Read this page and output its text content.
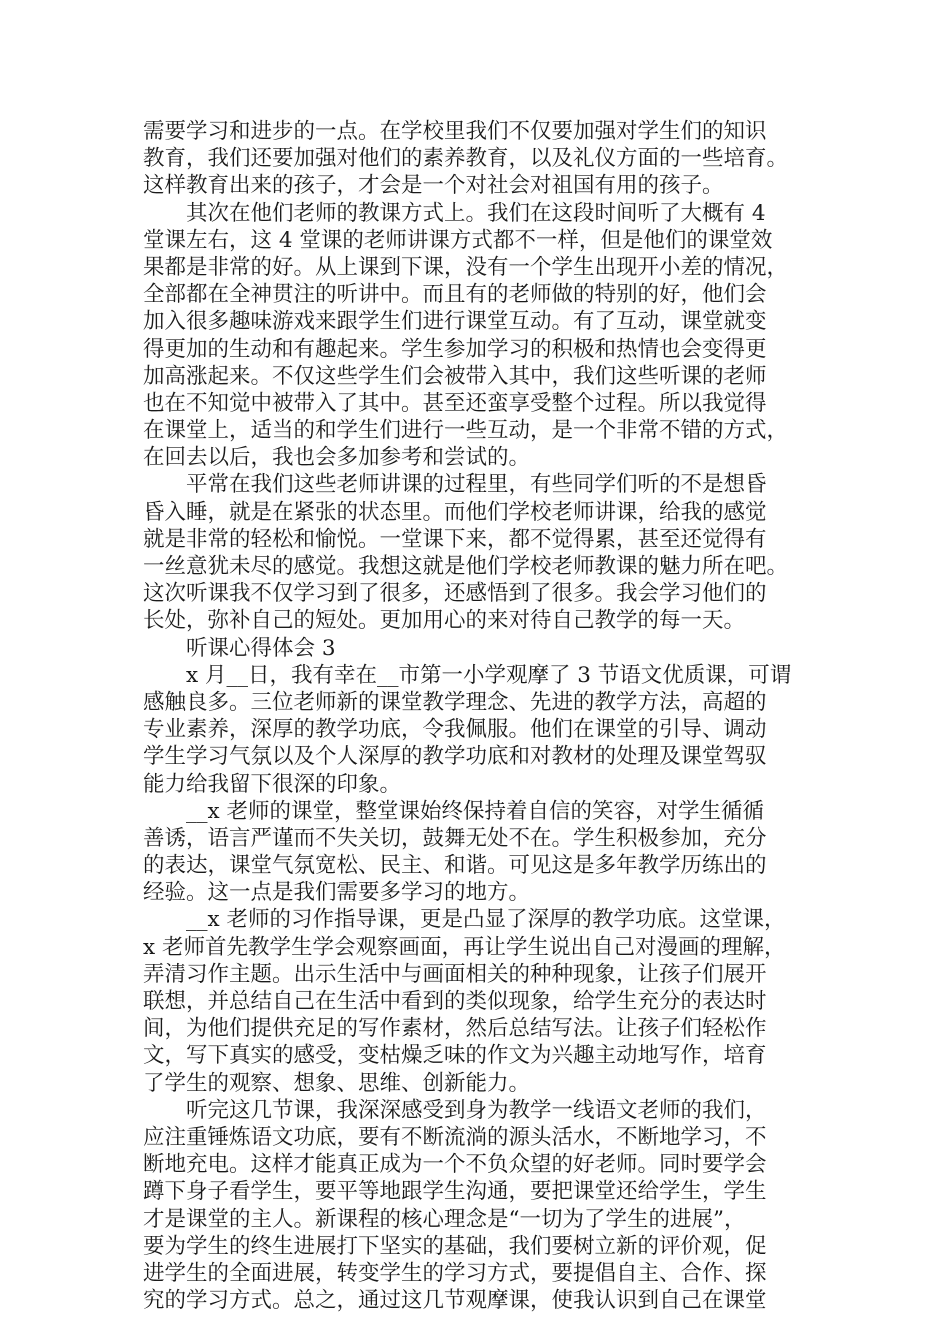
需要学习和进步的一点。在学校里我们不仅要加强对学生们的知识
教育，我们还要加强对他们的素养教育，以及礼仪方面的一些培育。
这样教育出来的孩子，才会是一个对社会对祖国有用的孩子。
其次在他们老师的教课方式上。我们在这段时间听了大概有 4
堂课左右，这 4 堂课的老师讲课方式都不一样，但是他们的课堂效
果都是非常的好。从上课到下课，没有一个学生出现开小差的情况，
全部都在全神贯注的听讲中。而且有的老师做的特别的好，他们会
加入很多趣味游戏来跟学生们进行课堂互动。有了互动，课堂就变
得更加的生动和有趣起来。学生参加学习的积极和热情也会变得更
加高涨起来。不仅这些学生们会被带入其中，我们这些听课的老师
也在不知觉中被带入了其中。甚至还蛮享受整个过程。所以我觉得
在课堂上，适当的和学生们进行一些互动，是一个非常不错的方式，
在回去以后，我也会多加参考和尝试的。
平常在我们这些老师讲课的过程里，有些同学们听的不是想昏
昏入睡，就是在紧张的状态里。而他们学校老师讲课，给我的感觉
就是非常的轻松和愉悦。一堂课下来，都不觉得累，甚至还觉得有
一丝意犹未尽的感觉。我想这就是他们学校老师教课的魅力所在吧。
这次听课我不仅学习到了很多，还感悟到了很多。我会学习他们的
长处，弥补自己的短处。更加用心的来对待自己教学的每一天。
听课心得体会 3
x 月__日，我有幸在__市第一小学观摩了 3 节语文优质课，可谓
感触良多。三位老师新的课堂教学理念、先进的教学方法，高超的
专业素养，深厚的教学功底，令我佩服。他们在课堂的引导、调动
学生学习气氛以及个人深厚的教学功底和对教材的处理及课堂驾驭
能力给我留下很深的印象。
__x 老师的课堂，整堂课始终保持着自信的笑容，对学生循循
善诱，语言严谨而不失关切，鼓舞无处不在。学生积极参加，充分
的表达，课堂气氛宽松、民主、和谐。可见这是多年教学历练出的
经验。这一点是我们需要多学习的地方。
__x 老师的习作指导课，更是凸显了深厚的教学功底。这堂课，
x 老师首先教学生学会观察画面，再让学生说出自己对漫画的理解，
弄清习作主题。出示生活中与画面相关的种种现象，让孩子们展开
联想，并总结自己在生活中看到的类似现象，给学生充分的表达时
间，为他们提供充足的写作素材，然后总结写法。让孩子们轻松作
文，写下真实的感受，变枯燥乏味的作文为兴趣主动地写作，培育
了学生的观察、想象、思维、创新能力。
听完这几节课，我深深感受到身为教学一线语文老师的我们，
应注重锤炼语文功底，要有不断流淌的源头活水，不断地学习，不
断地充电。这样才能真正成为一个不负众望的好老师。同时要学会
蹲下身子看学生，要平等地跟学生沟通，要把课堂还给学生，学生
才是课堂的主人。新课程的核心理念是“一切为了学生的进展”，
要为学生的终生进展打下坚实的基础，我们要树立新的评价观，促
进学生的全面进展，转变学生的学习方式，要提倡自主、合作、探
究的学习方式。总之，通过这几节观摩课，使我认识到自己在课堂
